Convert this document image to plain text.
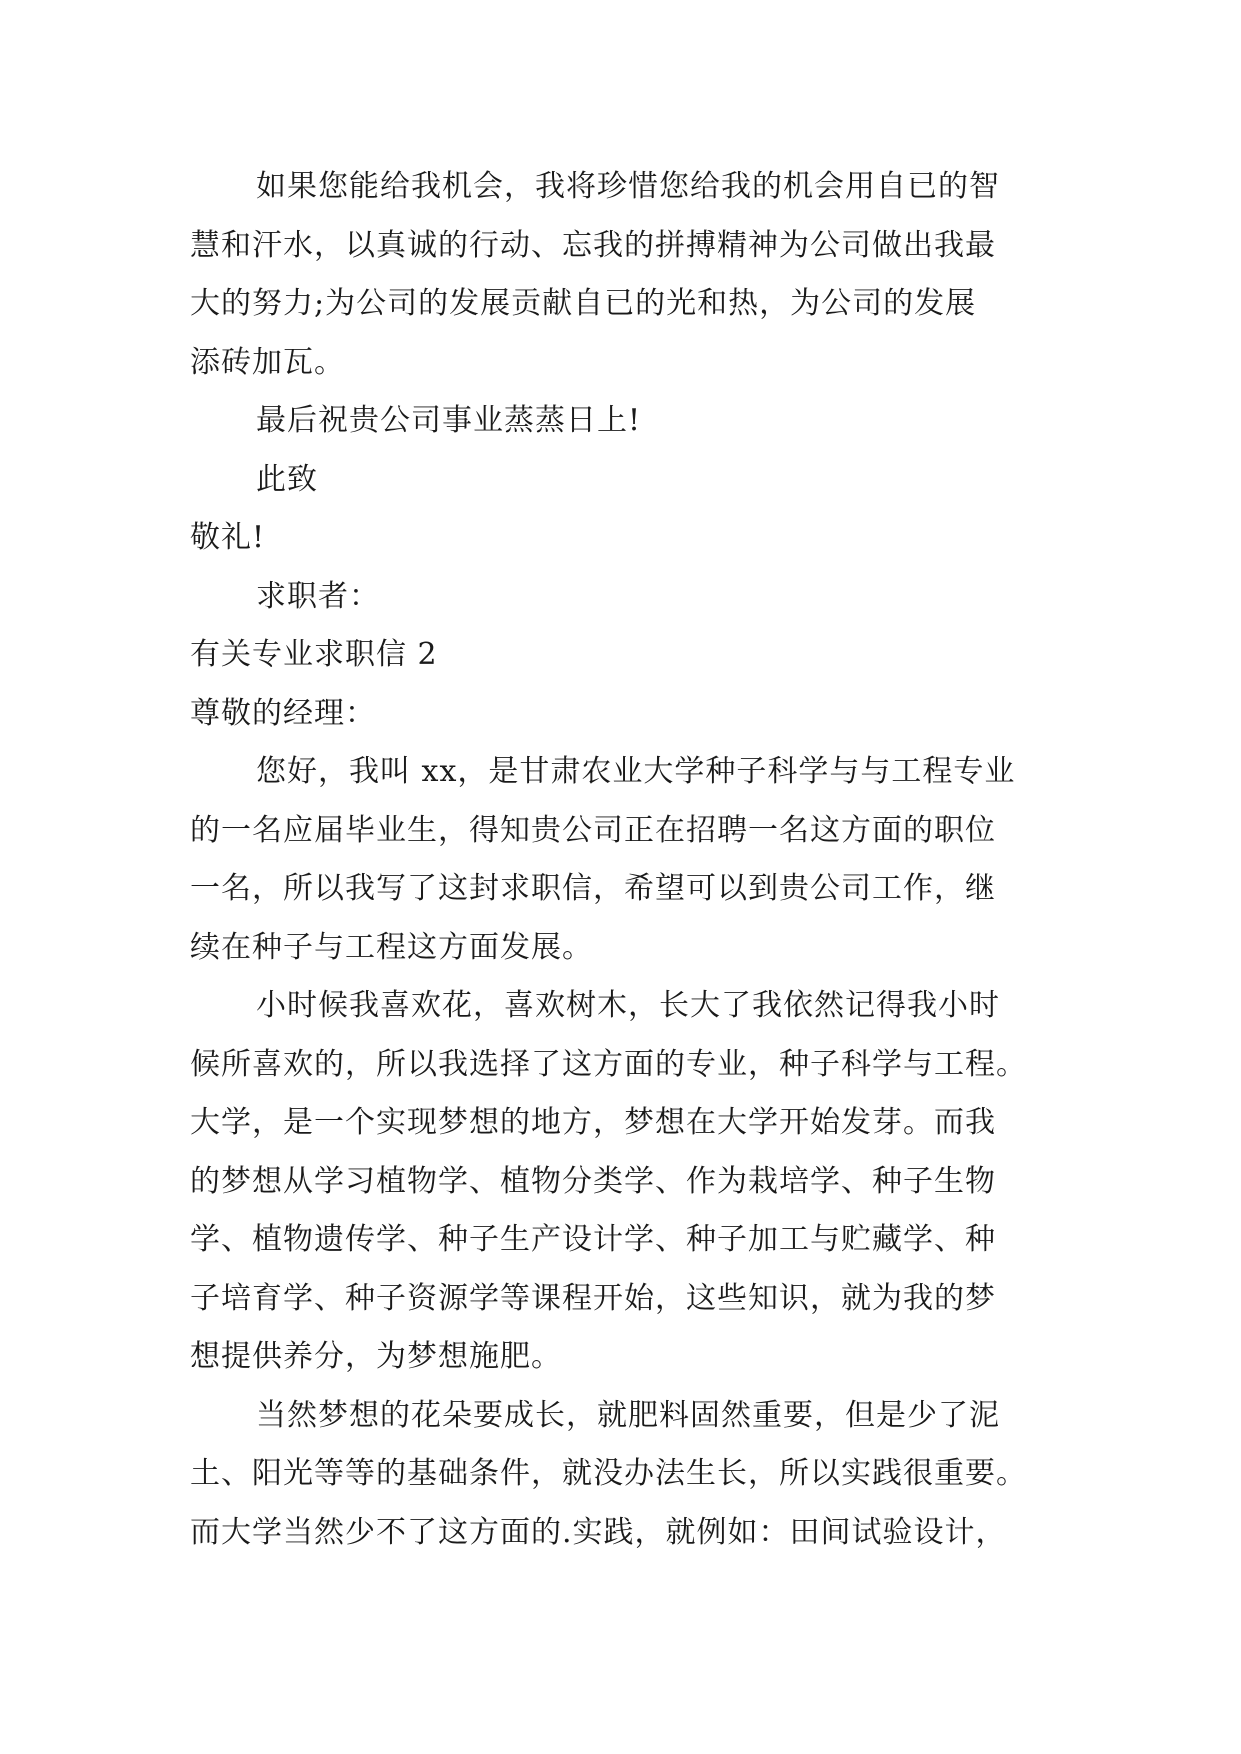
如果您能给我机会，我将珍惜您给我的机会用自已的智
慧和汗水，以真诚的行动、忘我的拼搏精神为公司做出我最
大的努力;为公司的发展贡献自已的光和热，为公司的发展
添砖加瓦。
最后祝贵公司事业蒸蒸日上!
此致
敬礼!
求职者：
有关专业求职信 2
尊敬的经理：
您好，我叫 xx，是甘肃农业大学种子科学与与工程专业
的一名应届毕业生，得知贵公司正在招聘一名这方面的职位
一名，所以我写了这封求职信，希望可以到贵公司工作，继
续在种子与工程这方面发展。
小时候我喜欢花，喜欢树木，长大了我依然记得我小时
候所喜欢的，所以我选择了这方面的专业，种子科学与工程。
大学，是一个实现梦想的地方，梦想在大学开始发芽。而我
的梦想从学习植物学、植物分类学、作为栽培学、种子生物
学、植物遗传学、种子生产设计学、种子加工与贮藏学、种
子培育学、种子资源学等课程开始，这些知识，就为我的梦
想提供养分，为梦想施肥。
当然梦想的花朵要成长，就肥料固然重要，但是少了泥
土、阳光等等的基础条件，就没办法生长，所以实践很重要。
而大学当然少不了这方面的.实践，就例如：田间试验设计，
